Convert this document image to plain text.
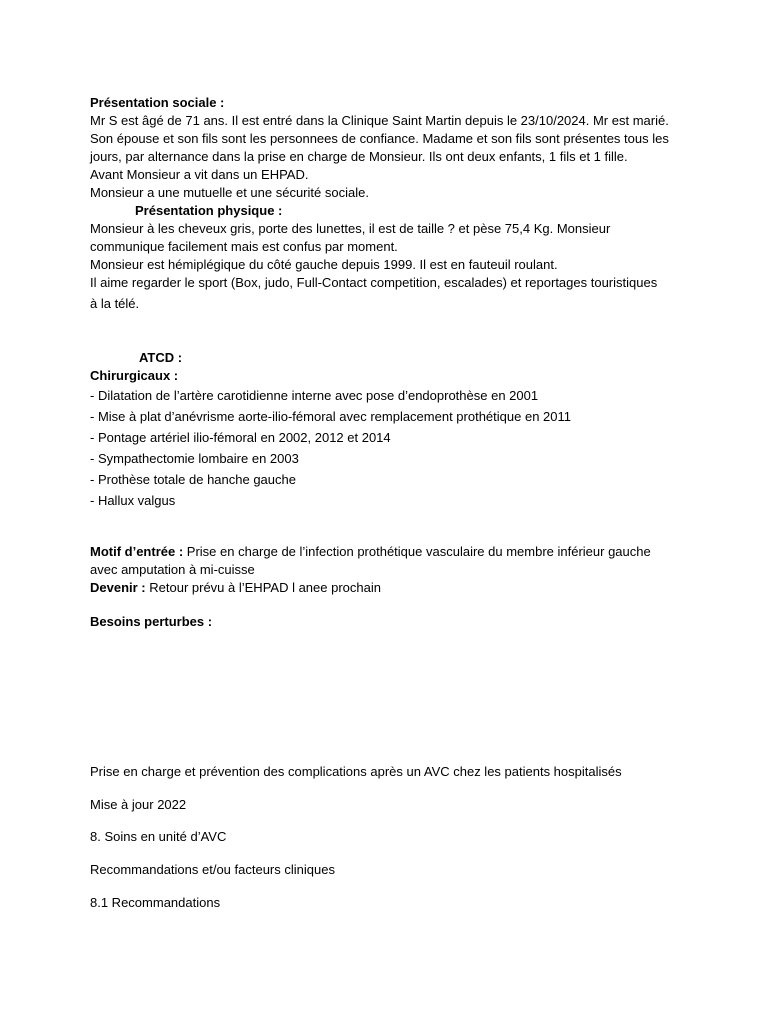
Présentation sociale :
Mr S est âgé de 71 ans. Il est entré dans la Clinique Saint Martin depuis le 23/10/2024. Mr est marié.
Son épouse et son fils sont les personnees de confiance. Madame et son fils sont présentes tous les
jours, par alternance dans la prise en charge de Monsieur. Ils ont deux enfants, 1 fils et 1 fille.
Avant Monsieur a vit dans un EHPAD.
Monsieur a une mutuelle et une sécurité sociale.
Présentation physique :
Monsieur à les cheveux gris, porte des lunettes, il est de taille ? et pèse 75,4 Kg. Monsieur
communique facilement mais est confus par moment.
Monsieur est hémiplégique du côté gauche depuis 1999. Il est en fauteuil roulant.
Il aime regarder le sport (Box, judo, Full-Contact competition, escalades) et reportages touristiques
à la télé.
ATCD :
Chirurgicaux :
- Dilatation de l’artère carotidienne interne avec pose d’endoprothèse en 2001
- Mise à plat d’anévrisme aorte-ilio-fémoral avec remplacement prothétique en 2011
- Pontage artériel ilio-fémoral en 2002, 2012 et 2014
- Sympathectomie lombaire en 2003
- Prothèse totale de hanche gauche
- Hallux valgus
Motif d’entrée : Prise en charge de l’infection prothétique vasculaire du membre inférieur gauche
avec amputation à mi-cuisse
Devenir : Retour prévu à l’EHPAD l anee prochain
Besoins perturbes :
Prise en charge et prévention des complications après un AVC chez les patients hospitalisés
Mise à jour 2022
8. Soins en unité d’AVC
Recommandations et/ou facteurs cliniques
8.1 Recommandations
